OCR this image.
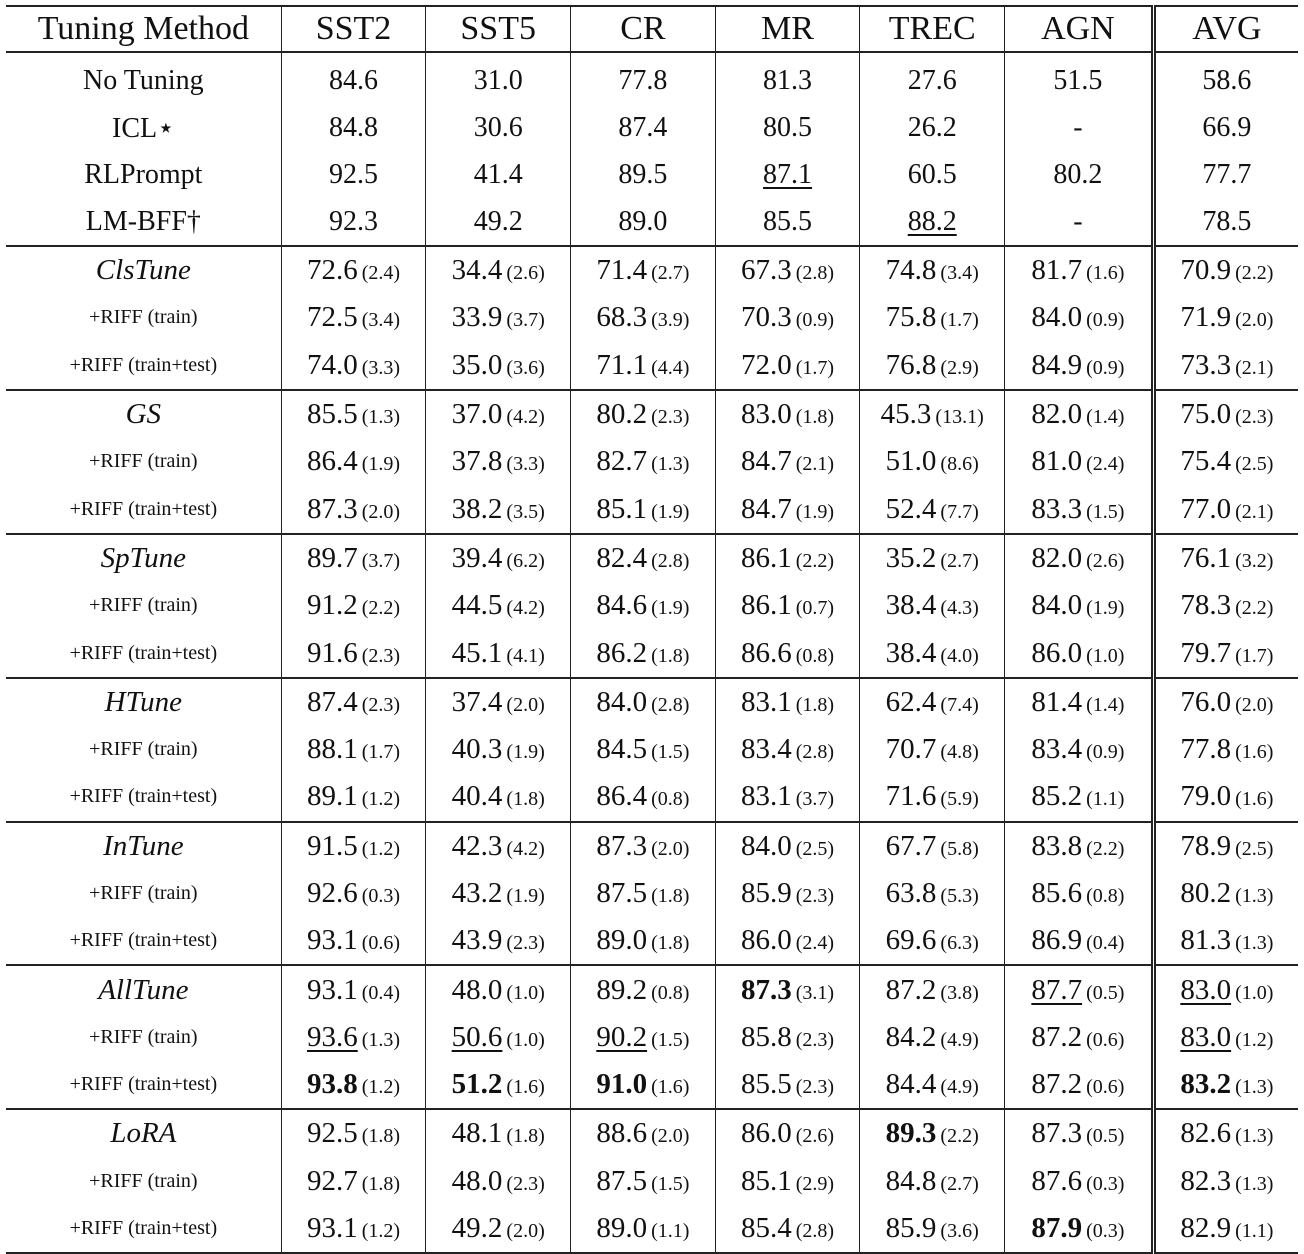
Tuning Method	SST2	SST5	CR	MR	TREC	AGN	AVG
No Tuning	84.6	31.0	77.8	81.3	27.6	51.5	58.6
ICL⋆	84.8	30.6	87.4	80.5	26.2	-	66.9
RLPrompt	92.5	41.4	89.5	87.1	60.5	80.2	77.7
LM-BFF†	92.3	49.2	89.0	85.5	88.2	-	78.5
ClsTune	72.6 (2.4)	34.4 (2.6)	71.4 (2.7)	67.3 (2.8)	74.8 (3.4)	81.7 (1.6)	70.9 (2.2)
+RIFF (train)	72.5 (3.4)	33.9 (3.7)	68.3 (3.9)	70.3 (0.9)	75.8 (1.7)	84.0 (0.9)	71.9 (2.0)
+RIFF (train+test)	74.0 (3.3)	35.0 (3.6)	71.1 (4.4)	72.0 (1.7)	76.8 (2.9)	84.9 (0.9)	73.3 (2.1)
GS	85.5 (1.3)	37.0 (4.2)	80.2 (2.3)	83.0 (1.8)	45.3 (13.1)	82.0 (1.4)	75.0 (2.3)
+RIFF (train)	86.4 (1.9)	37.8 (3.3)	82.7 (1.3)	84.7 (2.1)	51.0 (8.6)	81.0 (2.4)	75.4 (2.5)
+RIFF (train+test)	87.3 (2.0)	38.2 (3.5)	85.1 (1.9)	84.7 (1.9)	52.4 (7.7)	83.3 (1.5)	77.0 (2.1)
SpTune	89.7 (3.7)	39.4 (6.2)	82.4 (2.8)	86.1 (2.2)	35.2 (2.7)	82.0 (2.6)	76.1 (3.2)
+RIFF (train)	91.2 (2.2)	44.5 (4.2)	84.6 (1.9)	86.1 (0.7)	38.4 (4.3)	84.0 (1.9)	78.3 (2.2)
+RIFF (train+test)	91.6 (2.3)	45.1 (4.1)	86.2 (1.8)	86.6 (0.8)	38.4 (4.0)	86.0 (1.0)	79.7 (1.7)
HTune	87.4 (2.3)	37.4 (2.0)	84.0 (2.8)	83.1 (1.8)	62.4 (7.4)	81.4 (1.4)	76.0 (2.0)
+RIFF (train)	88.1 (1.7)	40.3 (1.9)	84.5 (1.5)	83.4 (2.8)	70.7 (4.8)	83.4 (0.9)	77.8 (1.6)
+RIFF (train+test)	89.1 (1.2)	40.4 (1.8)	86.4 (0.8)	83.1 (3.7)	71.6 (5.9)	85.2 (1.1)	79.0 (1.6)
InTune	91.5 (1.2)	42.3 (4.2)	87.3 (2.0)	84.0 (2.5)	67.7 (5.8)	83.8 (2.2)	78.9 (2.5)
+RIFF (train)	92.6 (0.3)	43.2 (1.9)	87.5 (1.8)	85.9 (2.3)	63.8 (5.3)	85.6 (0.8)	80.2 (1.3)
+RIFF (train+test)	93.1 (0.6)	43.9 (2.3)	89.0 (1.8)	86.0 (2.4)	69.6 (6.3)	86.9 (0.4)	81.3 (1.3)
AllTune	93.1 (0.4)	48.0 (1.0)	89.2 (0.8)	87.3 (3.1)	87.2 (3.8)	87.7 (0.5)	83.0 (1.0)
+RIFF (train)	93.6 (1.3)	50.6 (1.0)	90.2 (1.5)	85.8 (2.3)	84.2 (4.9)	87.2 (0.6)	83.0 (1.2)
+RIFF (train+test)	93.8 (1.2)	51.2 (1.6)	91.0 (1.6)	85.5 (2.3)	84.4 (4.9)	87.2 (0.6)	83.2 (1.3)
LoRA	92.5 (1.8)	48.1 (1.8)	88.6 (2.0)	86.0 (2.6)	89.3 (2.2)	87.3 (0.5)	82.6 (1.3)
+RIFF (train)	92.7 (1.8)	48.0 (2.3)	87.5 (1.5)	85.1 (2.9)	84.8 (2.7)	87.6 (0.3)	82.3 (1.3)
+RIFF (train+test)	93.1 (1.2)	49.2 (2.0)	89.0 (1.1)	85.4 (2.8)	85.9 (3.6)	87.9 (0.3)	82.9 (1.1)
